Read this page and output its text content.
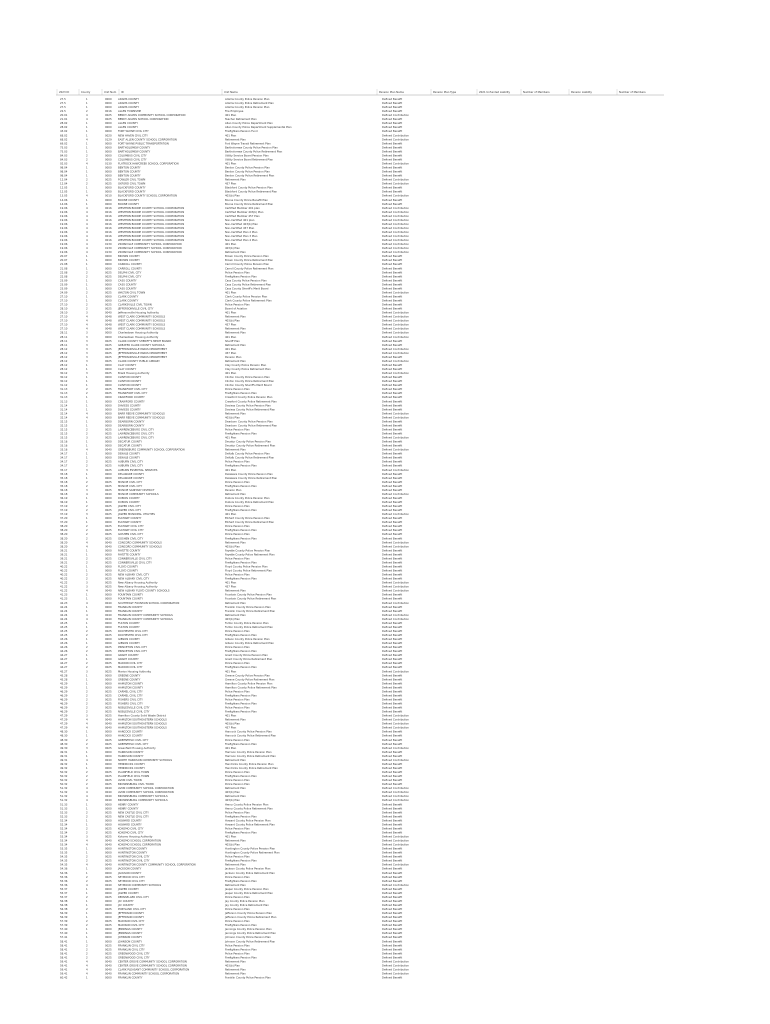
2023 ID	County	Unit Num ID	Unit Name	Pension Plan Name	Pension Plan Type	2021 Unfunded Liability	Number of Members	Pension Liability	Number of Members
27.5	1	0000 ADAMS COUNTY	Adams County Police Pension Plan	Defined Benefit
27.5	1	0000 ADAMS COUNTY	Adams County Police Retirement Plan	Defined Benefit
27.5	1	0000 ADAMS COUNTY	Adams County Police Pension Plan	Defined Benefit
22.5	2	0016 ALLEN TOWNSHIP	Fire Employee	Defined Benefit
20.01	4	0025 BENDY ADAMS COMMUNITY SCHOOL CORPORATION	401 Plan	Defined Contribution
21.01	4	0025 BENDY ADAMS SCHOOL CORPORATION	Teacher Retirement Plan	Defined Benefit
28.02	1	0000 ALLEN COUNTY	Allen County Police Department Plan	Defined Benefit
28.02	1	0000 ALLEN COUNTY	Allen County Police Department Supplemental Plan	Defined Benefit
43.02	1	0000 FORT WAYNE CIVIL CITY	Firefighters Pension Fund	Defined Benefit
68.02	1	0020 NEW HAVEN CIVIL CITY	401 Plan	Defined Contribution
68.02	4	0129 EAST ALLEN COUNTY SCHOOL CORPORATION	Retirement Plan	Defined Contribution
69.02	1	0000 FORT WAYNE PUBLIC TRANSPORTATION	Fort Wayne Transit Retirement Plan	Defined Benefit
75.03	1	0000 BARTHOLOMEW COUNTY	Bartholomew County Police Pension Plan	Defined Benefit
75.03	1	0000 BARTHOLOMEW COUNTY	Bartholomew County Police Retirement Plan	Defined Benefit
84.03	2	0000 COLUMBUS CIVIL CITY	Utility Service Board Pension Plan	Defined Benefit
84.03	2	0000 COLUMBUS CIVIL CITY	Utility Service Board Retirement Plan	Defined Benefit
02.03	4	0130 FLATROCK HAWCREEK SCHOOL CORPORATION	401 Plan	Defined Contribution
98.04	1	0000 BENTON COUNTY	Benton County Police Pension Plan	Defined Benefit
98.04	1	0000 BENTON COUNTY	Benton County Police Pension Plan	Defined Benefit
98.04	1	0000 BENTON COUNTY	Benton County Police Retirement Plan	Defined Benefit
12.04	2	0025 FOWLER CIVIL TOWN	Retirement Plan	Defined Contribution
12.04	2	0025 OXFORD CIVIL TOWN	457 Plan	Defined Contribution
12.05	1	0000 BLACKFORD COUNTY	Blackford County Police Pension Plan	Defined Benefit
12.05	1	0000 BLACKFORD COUNTY	Blackford County Police Retirement Plan	Defined Benefit
13.05	4	0010 BLACKFORD COUNTY SCHOOL CORPORATION	403(b) Plan	Defined Contribution
14.06	1	0000 BOONE COUNTY	Boone County Police Benefit Plan	Defined Benefit
14.06	1	0000 BOONE COUNTY	Boone County Police Retirement Plan	Defined Benefit
19.06	4	0016 WESTERN BOONE COUNTY SCHOOL CORPORATION	Certified Member 401 plan	Defined Contribution
19.06	4	0016 WESTERN BOONE COUNTY SCHOOL CORPORATION	Certified Member 403(b) Plan	Defined Contribution
19.06	4	0016 WESTERN BOONE COUNTY SCHOOL CORPORATION	Certified Member 457 Plan	Defined Contribution
19.06	4	0016 WESTERN BOONE COUNTY SCHOOL CORPORATION	Non-Certified 401 plan	Defined Contribution
19.06	4	0016 WESTERN BOONE COUNTY SCHOOL CORPORATION	Non-Certified 403(b) Plan	Defined Contribution
19.06	4	0016 WESTERN BOONE COUNTY SCHOOL CORPORATION	Non-Certified 457 Plan	Defined Contribution
19.06	4	0016 WESTERN BOONE COUNTY SCHOOL CORPORATION	Non-Certified Plan 2 Plan	Defined Contribution
19.06	4	0016 WESTERN BOONE COUNTY SCHOOL CORPORATION	Non-Certified Plan 3 Plan	Defined Contribution
19.06	4	0016 WESTERN BOONE COUNTY SCHOOL CORPORATION	Non-Certified Plan 4 Plan	Defined Contribution
19.06	4	0130 ZIONSVILLE COMMUNITY SCHOOL CORPORATION	401 Plan	Defined Contribution
19.06	4	0130 ZIONSVILLE COMMUNITY SCHOOL CORPORATION	403(b) Plan	Defined Contribution
19.06	4	0130 ZIONSVILLE COMMUNITY SCHOOL CORPORATION	Retirement Plan	Defined Contribution
20.07	1	0000 BROWN COUNTY	Brown County Police Pension Plan	Defined Benefit
20.07	1	0000 BROWN COUNTY	Brown County Police Retirement Plan	Defined Benefit
21.08	1	0000 CARROLL COUNTY	Carroll County Police Pension Plan	Defined Benefit
21.08	1	0000 CARROLL COUNTY	Carroll County Police Retirement Plan	Defined Benefit
22.08	2	0025 DELPHI CIVIL CITY	Police Pension Plan	Defined Benefit
22.08	2	0025 DELPHI CIVIL CITY	Firefighters Pension Plan	Defined Benefit
23.09	1	0000 CASS COUNTY	Cass County Police Pension Plan	Defined Benefit
23.09	1	0000 CASS COUNTY	Cass County Police Retirement Plan	Defined Benefit
23.09	1	0000 CASS COUNTY	Cass County Sheriff's Merit Board	Defined Benefit
24.09	2	0025 WALTON CIVIL TOWN	401 Plan	Defined Contribution
27.10	1	0000 CLARK COUNTY	Clark County Police Pension Plan	Defined Benefit
27.10	1	0000 CLARK COUNTY	Clark County Police Retirement Plan	Defined Benefit
27.10	2	0025 CLARKSVILLE CIVIL TOWN	Police Pension Plan	Defined Benefit
28.10	2	0025	JEFFERSONVILLE CIVIL CITY	Board of Aviation	Defined Benefit
29.10	3	0040	Jeffersonville Housing Authority	401 Plan	Defined Contribution
27.10	4	0048 WEST CLARK COMMUNITY SCHOOLS	Retirement Plan	Defined Contribution
27.10	4	0048 WEST CLARK COMMUNITY SCHOOLS	403(b) Plan	Defined Contribution
27.10	4	0048 WEST CLARK COMMUNITY SCHOOLS	457 Plan	Defined Contribution
27.10	4	0048 WEST CLARK COMMUNITY SCHOOLS	Retirement Plan	Defined Contribution
28.11	3	0000 Charlestown Housing Authority	Retirement Plan	Defined Contribution
28.11	3	0000 Charlestown Housing Authority	401 Plan	Defined Contribution
28.11	3	0025 CLARK COUNTY SHERIFF'S MERIT BOARD	Sheriff Plan	Defined Benefit
28.11	3	0025 GREATER CLARK COUNTY SCHOOLS	Retirement Plan	Defined Benefit
28.12	3	0025	JEFFERSONVILLE PARKS DEPARTMENT	401 Plan	Defined Contribution
28.12	3	0025	JEFFERSONVILLE PARKS DEPARTMENT	457 Plan	Defined Contribution
28.12	3	0025	JEFFERSONVILLE PARKS DEPARTMENT	Pension Plan	Defined Benefit
28.12	3	0025 CLARK COUNTY PUBLIC LIBRARY	Retirement Plan	Defined Contribution
28.12	1	0000 CLAY COUNTY	Clay County Police Pension Plan	Defined Benefit
28.12	1	0000 CLAY COUNTY	Clay County Police Retirement Plan	Defined Benefit
30.12	3	0025 Brazil Housing Authority	401 Plan	Defined Contribution
30.12	1	0000 CLINTON COUNTY	Clinton County Police Pension Plan	Defined Benefit
30.12	1	0000 CLINTON COUNTY	Clinton County Police Retirement Plan	Defined Benefit
31.12	1	0000 CLINTON COUNTY	Clinton County Sheriff's Merit Board	Defined Benefit
31.13	2	0025 FRANKFORT CIVIL CITY	Police Pension Plan	Defined Benefit
31.13	2	0025 FRANKFORT CIVIL CITY	Firefighters Pension Plan	Defined Benefit
31.13	1	0000 CRAWFORD COUNTY	Crawford County Police Pension Plan	Defined Benefit
31.13	1	0000 CRAWFORD COUNTY	Crawford County Police Retirement Plan	Defined Benefit
31.14	1	0000 DAVIESS COUNTY	Daviess County Police Pension Plan	Defined Benefit
31.14	1	0000 DAVIESS COUNTY	Daviess County Police Retirement Plan	Defined Benefit
32.14	4	0000 BARR REEVE COMMUNITY SCHOOLS	Retirement Plan	Defined Contribution
32.14	4	0000 BARR REEVE COMMUNITY SCHOOLS	403(b) Plan	Defined Contribution
32.15	1	0000 DEARBORN COUNTY	Dearborn County Police Pension Plan	Defined Benefit
32.15	1	0000 DEARBORN COUNTY	Dearborn County Police Retirement Plan	Defined Benefit
32.15	2	0025 LAWRENCEBURG CIVIL CITY	Police Pension Plan	Defined Benefit
32.15	2	0025 LAWRENCEBURG CIVIL CITY	Firefighters Pension Plan	Defined Benefit
33.15	3	0025 LAWRENCEBURG CIVIL CITY	401 Plan	Defined Contribution
33.16	1	0000 DECATUR COUNTY	Decatur County Police Pension Plan	Defined Benefit
33.16	1	0000 DECATUR COUNTY	Decatur County Police Retirement Plan	Defined Benefit
33.16	4	0040 GREENSBURG COMMUNITY SCHOOL CORPORATION	Retirement Plan	Defined Contribution
34.17	1	0000 DEKALB COUNTY	DeKalb County Police Pension Plan	Defined Benefit
34.17	1	0000 DEKALB COUNTY	DeKalb County Police Retirement Plan	Defined Benefit
34.17	2	0025 AUBURN CIVIL CITY	Police Pension Plan	Defined Benefit
34.17	2	0025 AUBURN CIVIL CITY	Firefighters Pension Plan	Defined Benefit
35.17	3	0025 AUBURN ESSENTIAL SERVICES	401 Plan	Defined Contribution
35.18	1	0000 DELAWARE COUNTY	Delaware County Police Pension Plan	Defined Benefit
35.18	1	0000 DELAWARE COUNTY	Delaware County Police Retirement Plan	Defined Benefit
35.18	2	0025 MUNCIE CIVIL CITY	Police Pension Plan	Defined Benefit
35.18	2	0025 MUNCIE CIVIL CITY	Firefighters Pension Plan	Defined Benefit
36.18	3	0025 MUNCIE SANITARY DISTRICT	Pension Plan	Defined Benefit
36.18	4	0040 MUNCIE COMMUNITY SCHOOLS	Retirement Plan	Defined Contribution
36.19	1	0000 DUBOIS COUNTY	Dubois County Police Pension Plan	Defined Benefit
36.19	1	0000 DUBOIS COUNTY	Dubois County Police Retirement Plan	Defined Benefit
37.19	2	0025	JASPER CIVIL CITY	Police Pension Plan	Defined Benefit
37.19	2	0025	JASPER CIVIL CITY	Firefighters Pension Plan	Defined Benefit
37.19	3	0025	JASPER MUNICIPAL UTILITIES	401 Plan	Defined Contribution
37.20	1	0000 ELKHART COUNTY	Elkhart County Police Pension Plan	Defined Benefit
37.20	1	0000 ELKHART COUNTY	Elkhart County Police Retirement Plan	Defined Benefit
38.20	2	0025 ELKHART CIVIL CITY	Police Pension Plan	Defined Benefit
38.20	2	0025 ELKHART CIVIL CITY	Firefighters Pension Plan	Defined Benefit
38.20	2	0025 GOSHEN CIVIL CITY	Police Pension Plan	Defined Benefit
38.20	2	0025 GOSHEN CIVIL CITY	Firefighters Pension Plan	Defined Benefit
38.20	4	0040 CONCORD COMMUNITY SCHOOLS	Retirement Plan	Defined Contribution
38.20	4	0040 CONCORD COMMUNITY SCHOOLS	403(b) Plan	Defined Contribution
39.21	1	0000 FAYETTE COUNTY	Fayette County Police Pension Plan	Defined Benefit
39.21	1	0000 FAYETTE COUNTY	Fayette County Police Retirement Plan	Defined Benefit
39.21	2	0025 CONNERSVILLE CIVIL CITY	Police Pension Plan	Defined Benefit
39.21	2	0025 CONNERSVILLE CIVIL CITY	Firefighters Pension Plan	Defined Benefit
40.22	1	0000 FLOYD COUNTY	Floyd County Police Pension Plan	Defined Benefit
40.22	1	0000 FLOYD COUNTY	Floyd County Police Retirement Plan	Defined Benefit
40.22	2	0025 NEW ALBANY CIVIL CITY	Police Pension Plan	Defined Benefit
40.22	2	0025 NEW ALBANY CIVIL CITY	Firefighters Pension Plan	Defined Benefit
41.22	3	0025 New Albany Housing Authority	401 Plan	Defined Contribution
41.22	3	0025 New Albany Housing Authority	457 Plan	Defined Contribution
41.22	4	0040 NEW ALBANY FLOYD COUNTY SCHOOLS	Retirement Plan	Defined Contribution
41.23	1	0000 FOUNTAIN COUNTY	Fountain County Police Pension Plan	Defined Benefit
41.23	1	0000 FOUNTAIN COUNTY	Fountain County Police Retirement Plan	Defined Benefit
42.23	4	0040 SOUTHEAST FOUNTAIN SCHOOL CORPORATION	Retirement Plan	Defined Contribution
42.24	1	0000 FRANKLIN COUNTY	Franklin County Police Pension Plan	Defined Benefit
42.24	1	0000 FRANKLIN COUNTY	Franklin County Police Retirement Plan	Defined Benefit
42.24	4	0040 FRANKLIN COUNTY COMMUNITY SCHOOLS	Retirement Plan	Defined Contribution
42.24	4	0040 FRANKLIN COUNTY COMMUNITY SCHOOLS	403(b) Plan	Defined Contribution
43.25	1	0000 FULTON COUNTY	Fulton County Police Pension Plan	Defined Benefit
43.25	1	0000 FULTON COUNTY	Fulton County Police Retirement Plan	Defined Benefit
43.25	2	0025 ROCHESTER CIVIL CITY	Police Pension Plan	Defined Benefit
43.25	2	0025 ROCHESTER CIVIL CITY	Firefighters Pension Plan	Defined Benefit
43.26	1	0000 GIBSON COUNTY	Gibson County Police Pension Plan	Defined Benefit
43.26	1	0000 GIBSON COUNTY	Gibson County Police Retirement Plan	Defined Benefit
44.26	2	0025 PRINCETON CIVIL CITY	Police Pension Plan	Defined Benefit
44.26	2	0025 PRINCETON CIVIL CITY	Firefighters Pension Plan	Defined Benefit
44.27	1	0000 GRANT COUNTY	Grant County Police Pension Plan	Defined Benefit
44.27	1	0000 GRANT COUNTY	Grant County Police Retirement Plan	Defined Benefit
44.27	2	0025 MARION CIVIL CITY	Police Pension Plan	Defined Benefit
44.27	2	0025 MARION CIVIL CITY	Firefighters Pension Plan	Defined Benefit
45.27	3	0025 Marion Housing Authority	401 Plan	Defined Contribution
45.28	1	0000 GREENE COUNTY	Greene County Police Pension Plan	Defined Benefit
45.28	1	0000 GREENE COUNTY	Greene County Police Retirement Plan	Defined Benefit
45.29	1	0000 HAMILTON COUNTY	Hamilton County Police Pension Plan	Defined Benefit
45.29	1	0000 HAMILTON COUNTY	Hamilton County Police Retirement Plan	Defined Benefit
46.29	2	0025 CARMEL CIVIL CITY	Police Pension Plan	Defined Benefit
46.29	2	0025 CARMEL CIVIL CITY	Firefighters Pension Plan	Defined Benefit
46.29	2	0025 FISHERS CIVIL CITY	Police Pension Plan	Defined Benefit
46.29	2	0025 FISHERS CIVIL CITY	Firefighters Pension Plan	Defined Benefit
46.29	2	0025 NOBLESVILLE CIVIL CITY	Police Pension Plan	Defined Benefit
46.29	2	0025 NOBLESVILLE CIVIL CITY	Firefighters Pension Plan	Defined Benefit
47.29	3	0025 Hamilton County Solid Waste District	401 Plan	Defined Contribution
47.29	4	0040 HAMILTON SOUTHEASTERN SCHOOLS	Retirement Plan	Defined Contribution
47.29	4	0040 HAMILTON SOUTHEASTERN SCHOOLS	403(b) Plan	Defined Contribution
47.29	4	0040 HAMILTON SOUTHEASTERN SCHOOLS	457 Plan	Defined Contribution
48.30	1	0000 HANCOCK COUNTY	Hancock County Police Pension Plan	Defined Benefit
48.30	1	0000 HANCOCK COUNTY	Hancock County Police Retirement Plan	Defined Benefit
48.30	2	0025 GREENFIELD CIVIL CITY	Police Pension Plan	Defined Benefit
48.30	2	0025 GREENFIELD CIVIL CITY	Firefighters Pension Plan	Defined Benefit
49.30	3	0025 Greenfield Housing Authority	401 Plan	Defined Contribution
49.31	1	0000 HARRISON COUNTY	Harrison County Police Pension Plan	Defined Benefit
49.31	1	0000 HARRISON COUNTY	Harrison County Police Retirement Plan	Defined Benefit
49.31	4	0040 NORTH HARRISON COMMUNITY SCHOOLS	Retirement Plan	Defined Contribution
49.32	1	0000 HENDRICKS COUNTY	Hendricks County Police Pension Plan	Defined Benefit
49.32	1	0000 HENDRICKS COUNTY	Hendricks County Police Retirement Plan	Defined Benefit
50.32	2	0025 PLAINFIELD CIVIL TOWN	Police Pension Plan	Defined Benefit
50.32	2	0025 PLAINFIELD CIVIL TOWN	Firefighters Pension Plan	Defined Benefit
50.32	2	0025 AVON CIVIL TOWN	Police Pension Plan	Defined Benefit
50.32	2	0025 BROWNSBURG CIVIL TOWN	Police Pension Plan	Defined Benefit
51.32	4	0040 AVON COMMUNITY SCHOOL CORPORATION	Retirement Plan	Defined Contribution
51.32	4	0040 AVON COMMUNITY SCHOOL CORPORATION	403(b) Plan	Defined Contribution
51.32	4	0040 BROWNSBURG COMMUNITY SCHOOLS	Retirement Plan	Defined Contribution
51.32	4	0040 BROWNSBURG COMMUNITY SCHOOLS	403(b) Plan	Defined Contribution
51.33	1	0000 HENRY COUNTY	Henry County Police Pension Plan	Defined Benefit
51.33	1	0000 HENRY COUNTY	Henry County Police Retirement Plan	Defined Benefit
52.33	2	0025 NEW CASTLE CIVIL CITY	Police Pension Plan	Defined Benefit
52.33	2	0025 NEW CASTLE CIVIL CITY	Firefighters Pension Plan	Defined Benefit
52.34	1	0000 HOWARD COUNTY	Howard County Police Pension Plan	Defined Benefit
52.34	1	0000 HOWARD COUNTY	Howard County Police Retirement Plan	Defined Benefit
52.34	2	0025 KOKOMO CIVIL CITY	Police Pension Plan	Defined Benefit
52.34	2	0025 KOKOMO CIVIL CITY	Firefighters Pension Plan	Defined Benefit
53.34	3	0025 Kokomo Housing Authority	401 Plan	Defined Contribution
53.34	4	0040 KOKOMO SCHOOL CORPORATION	Retirement Plan	Defined Contribution
53.34	4	0040 KOKOMO SCHOOL CORPORATION	403(b) Plan	Defined Contribution
53.35	1	0000 HUNTINGTON COUNTY	Huntington County Police Pension Plan	Defined Benefit
53.35	1	0000 HUNTINGTON COUNTY	Huntington County Police Retirement Plan	Defined Benefit
54.35	2	0025 HUNTINGTON CIVIL CITY	Police Pension Plan	Defined Benefit
54.35	2	0025 HUNTINGTON CIVIL CITY	Firefighters Pension Plan	Defined Benefit
54.35	4	0040 HUNTINGTON COUNTY COMMUNITY SCHOOL CORPORATION	Retirement Plan	Defined Contribution
54.36	1	0000	JACKSON COUNTY	Jackson County Police Pension Plan	Defined Benefit
54.36	1	0000	JACKSON COUNTY	Jackson County Police Retirement Plan	Defined Benefit
55.36	2	0025 SEYMOUR CIVIL CITY	Police Pension Plan	Defined Benefit
55.36	2	0025 SEYMOUR CIVIL CITY	Firefighters Pension Plan	Defined Benefit
55.36	4	0040 SEYMOUR COMMUNITY SCHOOLS	Retirement Plan	Defined Contribution
55.37	1	0000	JASPER COUNTY	Jasper County Police Pension Plan	Defined Benefit
55.37	1	0000	JASPER COUNTY	Jasper County Police Retirement Plan	Defined Benefit
55.37	2	0025 RENSSELAER CIVIL CITY	Police Pension Plan	Defined Benefit
56.38	1	0000	JAY COUNTY	Jay County Police Pension Plan	Defined Benefit
56.38	1	0000	JAY COUNTY	Jay County Police Retirement Plan	Defined Benefit
56.38	2	0025 PORTLAND CIVIL CITY	Police Pension Plan	Defined Benefit
56.39	1	0000	JEFFERSON COUNTY	Jefferson County Police Pension Plan	Defined Benefit
56.39	1	0000	JEFFERSON COUNTY	Jefferson County Police Retirement Plan	Defined Benefit
57.39	2	0025 MADISON CIVIL CITY	Police Pension Plan	Defined Benefit
57.39	2	0025 MADISON CIVIL CITY	Firefighters Pension Plan	Defined Benefit
57.40	1	0000	JENNINGS COUNTY	Jennings County Police Pension Plan	Defined Benefit
57.40	1	0000	JENNINGS COUNTY	Jennings County Police Retirement Plan	Defined Benefit
57.41	1	0000	JOHNSON COUNTY	Johnson County Police Pension Plan	Defined Benefit
58.41	1	0000	JOHNSON COUNTY	Johnson County Police Retirement Plan	Defined Benefit
58.41	2	0025 FRANKLIN CIVIL CITY	Police Pension Plan	Defined Benefit
58.41	2	0025 FRANKLIN CIVIL CITY	Firefighters Pension Plan	Defined Benefit
58.41	2	0025 GREENWOOD CIVIL CITY	Police Pension Plan	Defined Benefit
58.41	2	0025 GREENWOOD CIVIL CITY	Firefighters Pension Plan	Defined Benefit
59.41	4	0040 CENTER GROVE COMMUNITY SCHOOL CORPORATION	Retirement Plan	Defined Contribution
59.41	4	0040 CENTER GROVE COMMUNITY SCHOOL CORPORATION	403(b) Plan	Defined Contribution
59.41	4	0040 CLARK PLEASANT COMMUNITY SCHOOL CORPORATION	Retirement Plan	Defined Contribution
59.41	4	0040 FRANKLIN COMMUNITY SCHOOL CORPORATION	Retirement Plan	Defined Contribution
60.42	1	0000 FRANKLIN COUNTY	Franklin County Police Pension Plan	Defined Benefit
